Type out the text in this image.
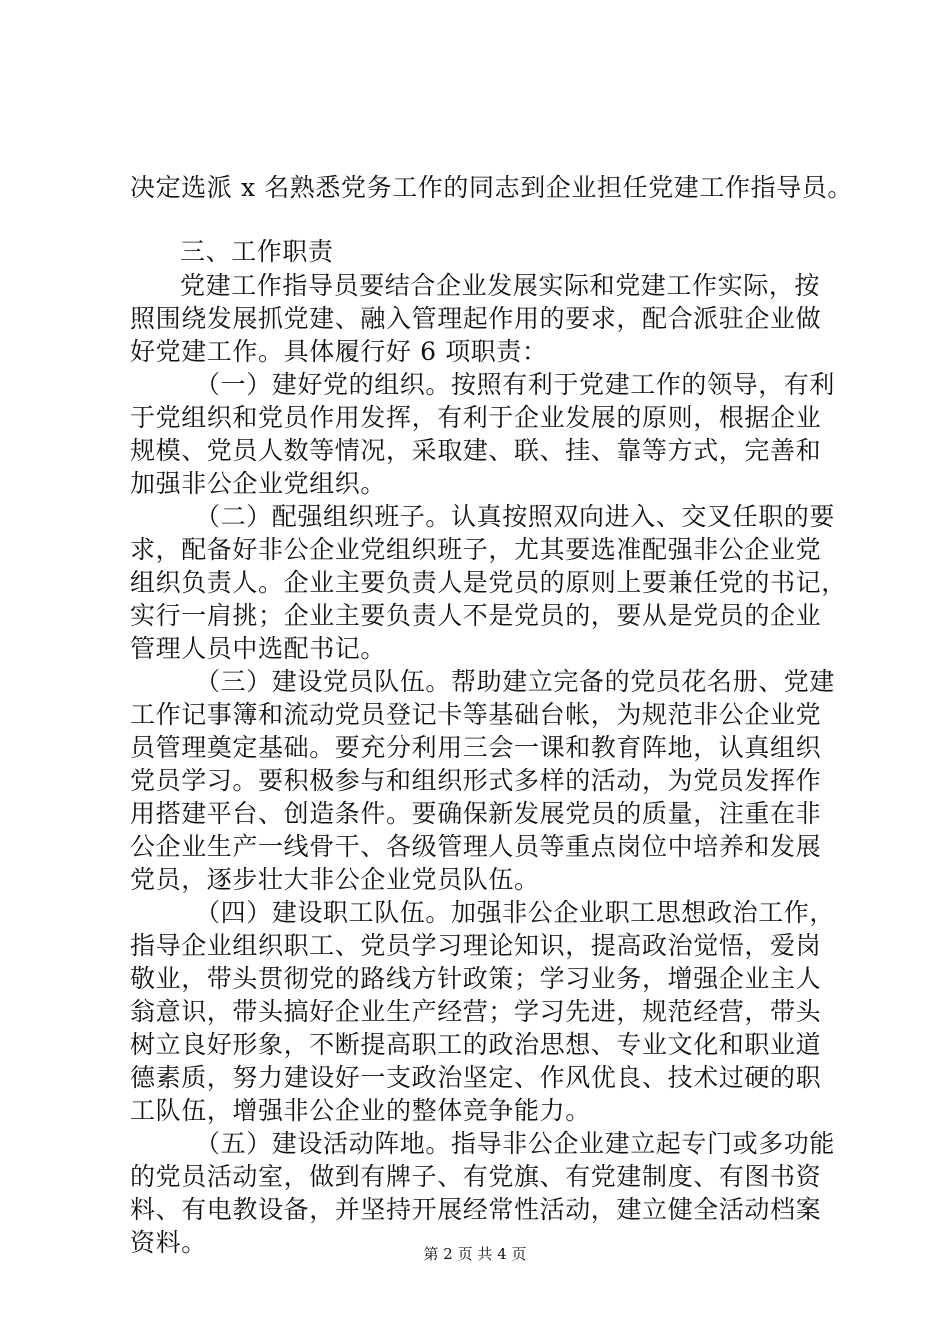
决定选派 x 名熟悉党务工作的同志到企业担任党建工作指导员。
三、工作职责
党建工作指导员要结合企业发展实际和党建工作实际，按
照围绕发展抓党建、融入管理起作用的要求，配合派驻企业做
好党建工作。具体履行好 6 项职责：
（一）建好党的组织。按照有利于党建工作的领导，有利
于党组织和党员作用发挥，有利于企业发展的原则，根据企业
规模、党员人数等情况，采取建、联、挂、靠等方式，完善和
加强非公企业党组织。
（二）配强组织班子。认真按照双向进入、交叉任职的要
求，配备好非公企业党组织班子，尤其要选准配强非公企业党
组织负责人。企业主要负责人是党员的原则上要兼任党的书记，
实行一肩挑；企业主要负责人不是党员的，要从是党员的企业
管理人员中选配书记。
（三）建设党员队伍。帮助建立完备的党员花名册、党建
工作记事簿和流动党员登记卡等基础台帐，为规范非公企业党
员管理奠定基础。要充分利用三会一课和教育阵地，认真组织
党员学习。要积极参与和组织形式多样的活动，为党员发挥作
用搭建平台、创造条件。要确保新发展党员的质量，注重在非
公企业生产一线骨干、各级管理人员等重点岗位中培养和发展
党员，逐步壮大非公企业党员队伍。
（四）建设职工队伍。加强非公企业职工思想政治工作，
指导企业组织职工、党员学习理论知识，提高政治觉悟，爱岗
敬业，带头贯彻党的路线方针政策；学习业务，增强企业主人
翁意识，带头搞好企业生产经营；学习先进，规范经营，带头
树立良好形象，不断提高职工的政治思想、专业文化和职业道
德素质，努力建设好一支政治坚定、作风优良、技术过硬的职
工队伍，增强非公企业的整体竞争能力。
（五）建设活动阵地。指导非公企业建立起专门或多功能
的党员活动室，做到有牌子、有党旗、有党建制度、有图书资
料、有电教设备，并坚持开展经常性活动，建立健全活动档案
资料。	第 2 页 共 4 页
